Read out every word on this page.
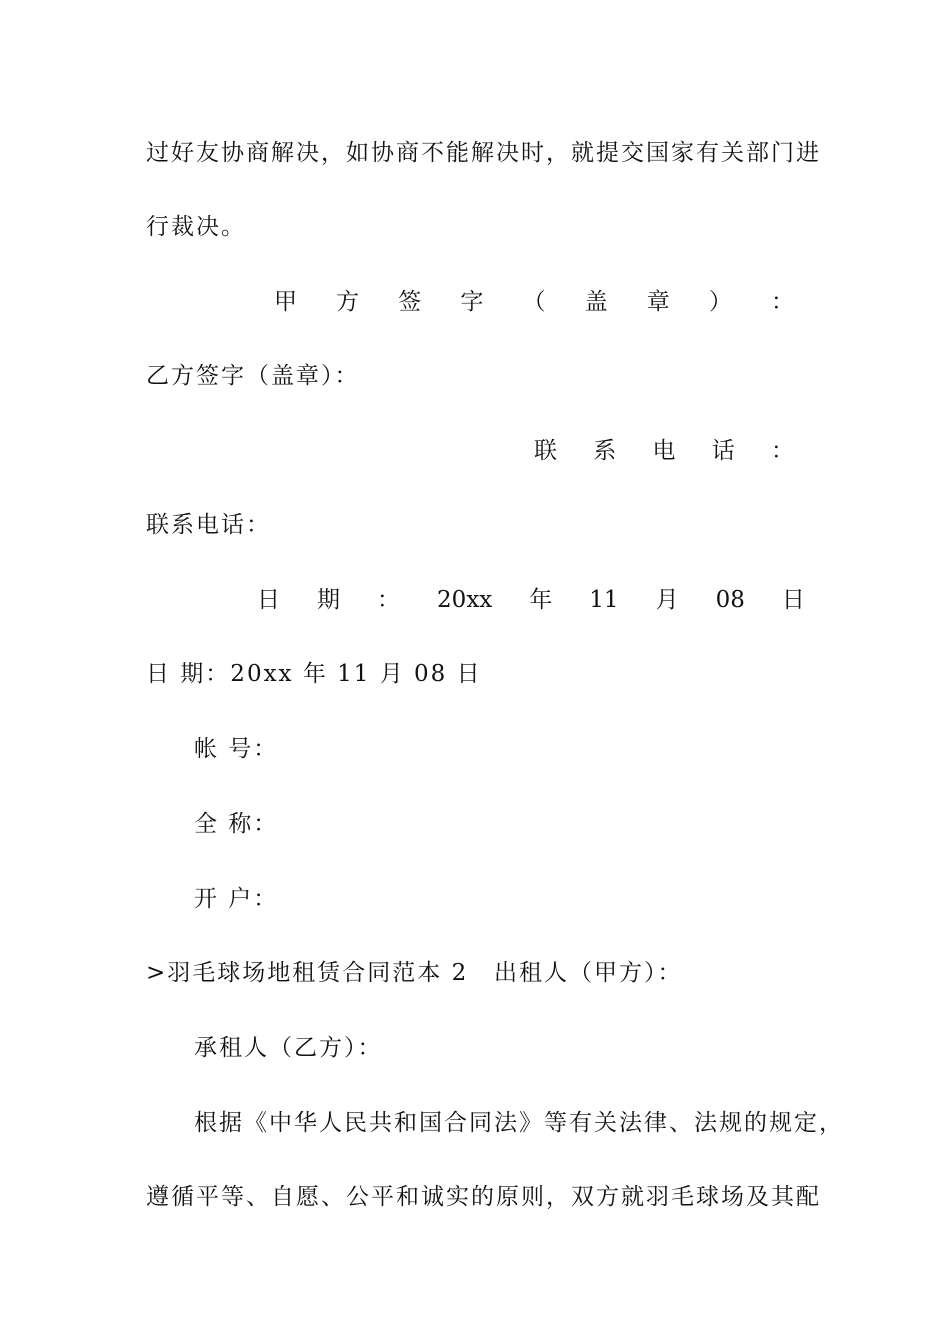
过好友协商解决，如协商不能解决时，就提交国家有关部门进
行裁决。
甲 方 签 字 （ 盖 章 ） ：
乙方签字（盖章）：
联 系 电 话 ：
联系电话：
日 期 ： 20xx 年 11 月 08 日
日 期：20xx 年 11 月 08 日
帐 号：
全 称：
开 户：
>羽毛球场地租赁合同范本 2 出租人（甲方）：
承租人（乙方）：
根据《中华人民共和国合同法》等有关法律、法规的规定，
遵循平等、自愿、公平和诚实的原则，双方就羽毛球场及其配
